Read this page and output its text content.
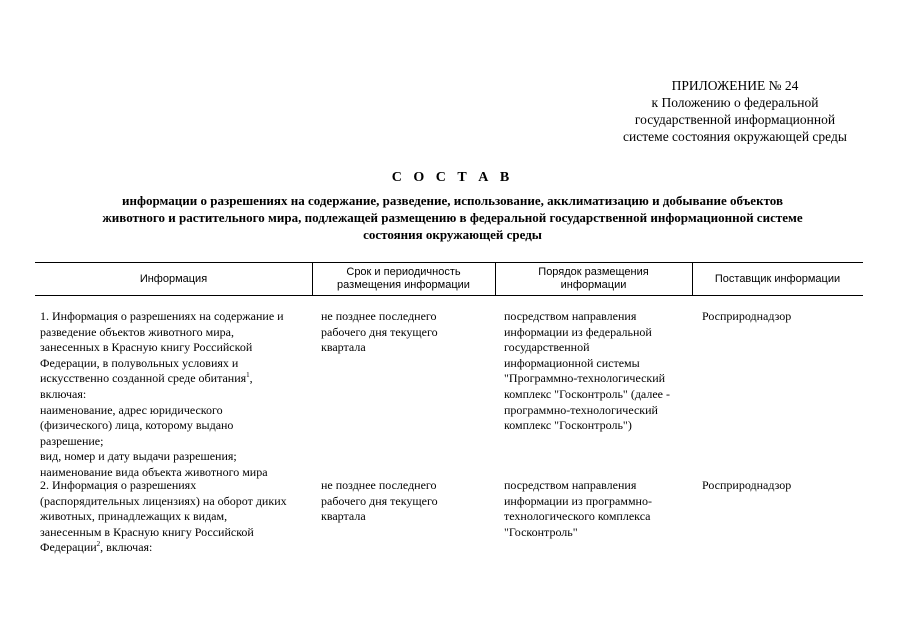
ПРИЛОЖЕНИЕ № 24
к Положению о федеральной
государственной информационной
системе состояния окружающей среды
С О С Т А В
информации о разрешениях на содержание, разведение, использование, акклиматизацию и добывание объектов
животного и растительного мира, подлежащей размещению в федеральной государственной информационной системе
состояния окружающей среды
Информация
Срок и периодичность
размещения информации
Порядок размещения
информации
Поставщик информации
1. Информация о разрешениях на содержание и
разведение объектов животного мира,
занесенных в Красную книгу Российской
Федерации, в полувольных условиях и
искусственно созданной среде обитания$^1$,
включая:
наименование, адрес юридического
(физического) лица, которому выдано
разрешение;
вид, номер и дату выдачи разрешения;
наименование вида объекта животного мира
не позднее последнего
рабочего дня текущего
квартала
посредством направления
информации из федеральной
государственной
информационной системы
"Программно-технологический
комплекс "Госконтроль" (далее -
программно-технологический
комплекс "Госконтроль")
Росприроднадзор
2. Информация о разрешениях
(распорядительных лицензиях) на оборот диких
животных, принадлежащих к видам,
занесенным в Красную книгу Российской
Федерации$^2$, включая:
не позднее последнего
рабочего дня текущего
квартала
посредством направления
информации из программно-
технологического комплекса
"Госконтроль"
Росприроднадзор
